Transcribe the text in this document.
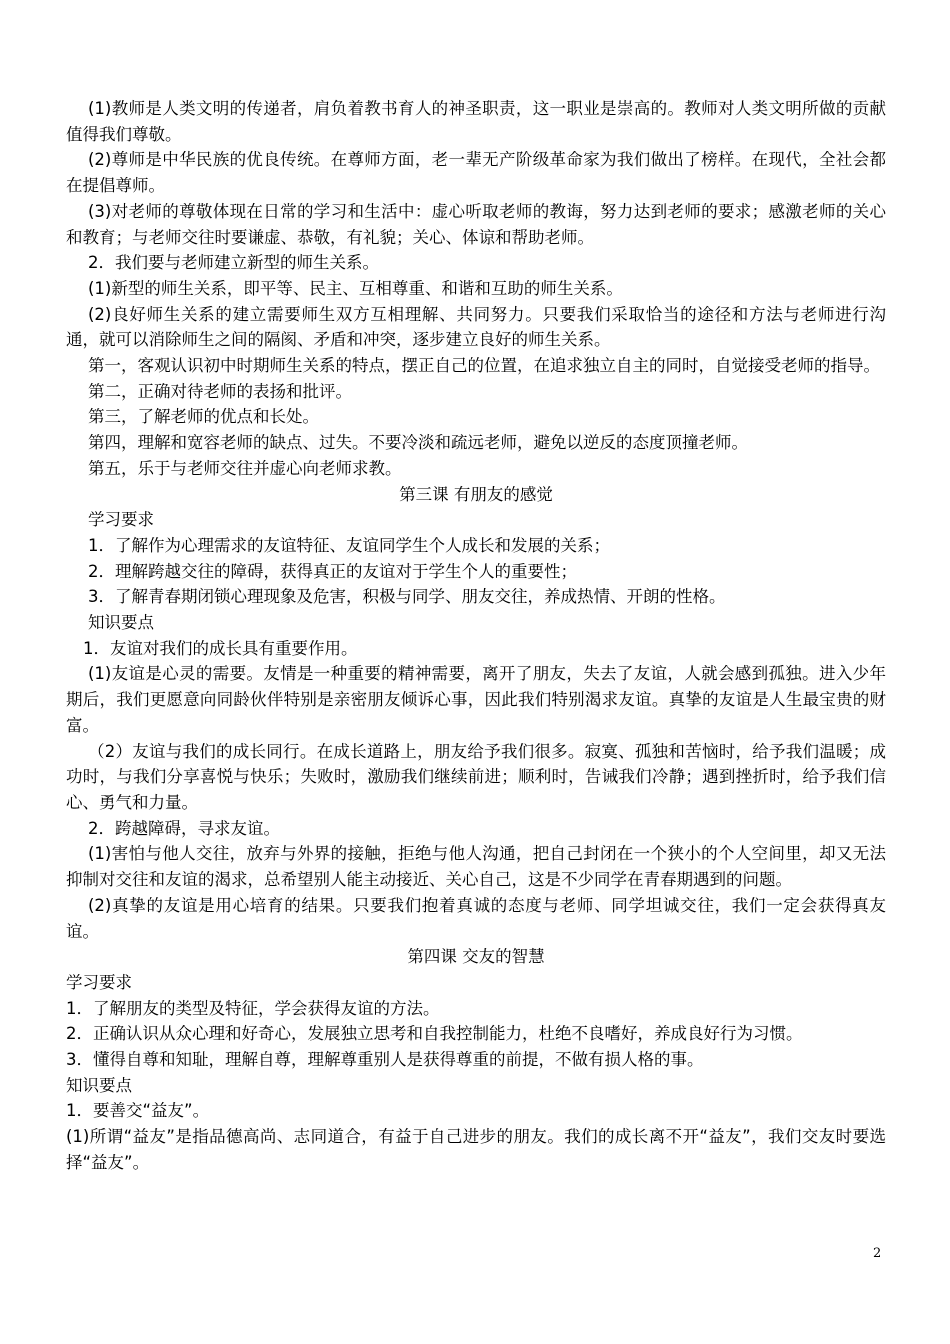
(1)教师是人类文明的传递者，肩负着教书育人的神圣职责，这一职业是崇高的。教师对人类文明所做的贡献值得我们尊敬。

(2)尊师是中华民族的优良传统。在尊师方面，老一辈无产阶级革命家为我们做出了榜样。在现代，全社会都在提倡尊师。

(3)对老师的尊敬体现在日常的学习和生活中：虚心听取老师的教诲，努力达到老师的要求；感激老师的关心和教育；与老师交往时要谦虚、恭敬，有礼貌；关心、体谅和帮助老师。

2．我们要与老师建立新型的师生关系。

(1)新型的师生关系，即平等、民主、互相尊重、和谐和互助的师生关系。

(2)良好师生关系的建立需要师生双方互相理解、共同努力。只要我们采取恰当的途径和方法与老师进行沟通，就可以消除师生之间的隔阂、矛盾和冲突，逐步建立良好的师生关系。

第一，客观认识初中时期师生关系的特点，摆正自己的位置，在追求独立自主的同时，自觉接受老师的指导。

第二，正确对待老师的表扬和批评。

第三，了解老师的优点和长处。

第四，理解和宽容老师的缺点、过失。不要冷淡和疏远老师，避免以逆反的态度顶撞老师。

第五，乐于与老师交往并虚心向老师求教。

第三课 有朋友的感觉

学习要求

1．了解作为心理需求的友谊特征、友谊同学生个人成长和发展的关系；

2．理解跨越交往的障碍，获得真正的友谊对于学生个人的重要性；

3．了解青春期闭锁心理现象及危害，积极与同学、朋友交往，养成热情、开朗的性格。

知识要点

1．友谊对我们的成长具有重要作用。

(1)友谊是心灵的需要。友情是一种重要的精神需要，离开了朋友，失去了友谊，人就会感到孤独。进入少年期后，我们更愿意向同龄伙伴特别是亲密朋友倾诉心事，因此我们特别渴求友谊。真挚的友谊是人生最宝贵的财富。

（2）友谊与我们的成长同行。在成长道路上，朋友给予我们很多。寂寞、孤独和苦恼时，给予我们温暖；成功时，与我们分享喜悦与快乐；失败时，激励我们继续前进；顺利时，告诫我们冷静；遇到挫折时，给予我们信心、勇气和力量。

2．跨越障碍，寻求友谊。

(1)害怕与他人交往，放弃与外界的接触，拒绝与他人沟通，把自己封闭在一个狭小的个人空间里，却又无法抑制对交往和友谊的渴求，总希望别人能主动接近、关心自己，这是不少同学在青春期遇到的问题。

(2)真挚的友谊是用心培育的结果。只要我们抱着真诚的态度与老师、同学坦诚交往，我们一定会获得真友谊。

第四课 交友的智慧

学习要求

1．了解朋友的类型及特征，学会获得友谊的方法。

2．正确认识从众心理和好奇心，发展独立思考和自我控制能力，杜绝不良嗜好，养成良好行为习惯。

3．懂得自尊和知耻，理解自尊，理解尊重别人是获得尊重的前提，不做有损人格的事。

知识要点

1．要善交“益友”。

(1)所谓“益友”是指品德高尚、志同道合，有益于自己进步的朋友。我们的成长离不开“益友”，我们交友时要选择“益友”。

2
